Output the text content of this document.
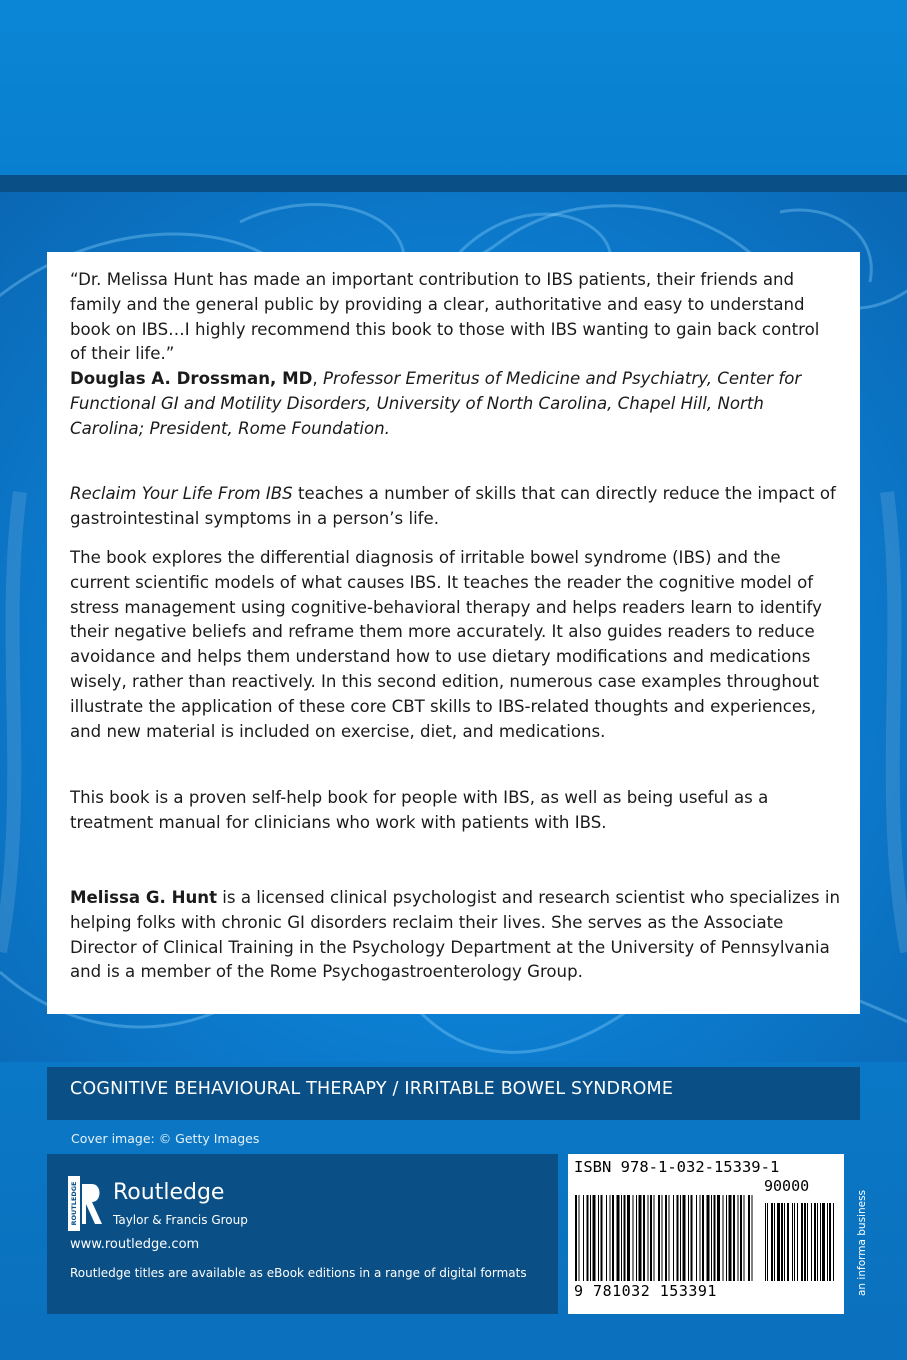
“Dr. Melissa Hunt has made an important contribution to IBS patients, their friends and family and the general public by providing a clear, authoritative and easy to understand book on IBS…I highly recommend this book to those with IBS wanting to gain back control of their life.”
Douglas A. Drossman, MD, Professor Emeritus of Medicine and Psychiatry, Center for Functional GI and Motility Disorders, University of North Carolina, Chapel Hill, North Carolina; President, Rome Foundation.

Reclaim Your Life From IBS teaches a number of skills that can directly reduce the impact of gastrointestinal symptoms in a person’s life.

The book explores the differential diagnosis of irritable bowel syndrome (IBS) and the current scientific models of what causes IBS. It teaches the reader the cognitive model of stress management using cognitive-behavioral therapy and helps readers learn to identify their negative beliefs and reframe them more accurately. It also guides readers to reduce avoidance and helps them understand how to use dietary modifications and medications wisely, rather than reactively. In this second edition, numerous case examples throughout illustrate the application of these core CBT skills to IBS-related thoughts and experiences, and new material is included on exercise, diet, and medications.

This book is a proven self-help book for people with IBS, as well as being useful as a treatment manual for clinicians who work with patients with IBS.

Melissa G. Hunt is a licensed clinical psychologist and research scientist who specializes in helping folks with chronic GI disorders reclaim their lives. She serves as the Associate Director of Clinical Training in the Psychology Department at the University of Pennsylvania and is a member of the Rome Psychogastroenterology Group.

COGNITIVE BEHAVIOURAL THERAPY / IRRITABLE BOWEL SYNDROME
Cover image: © Getty Images
ROUTLEDGE Routledge
Taylor & Francis Group
www.routledge.com
Routledge titles are available as eBook editions in a range of digital formats
ISBN 978-1-032-15339-1
90000
9 781032 153391	an informa business
